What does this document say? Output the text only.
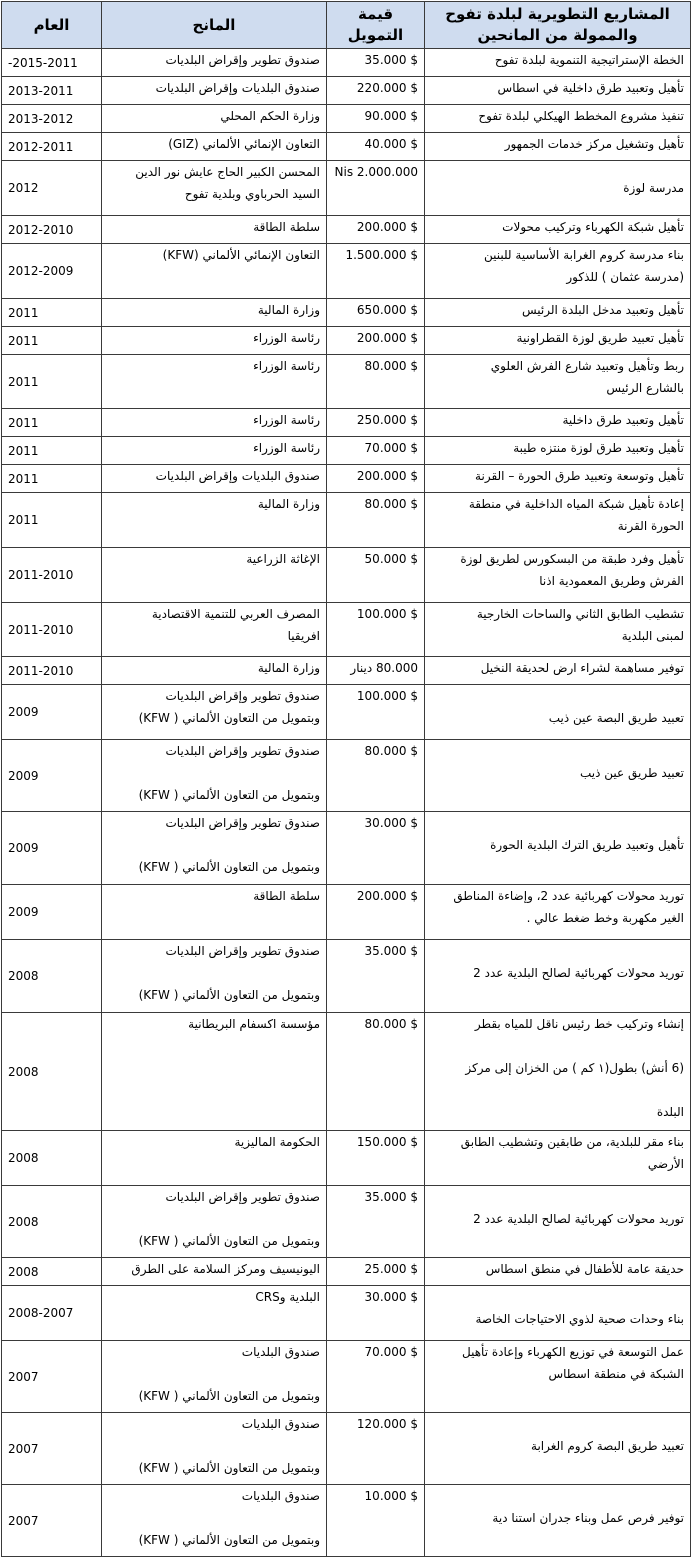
المشاريع التطويرية لبلدة تفوح والممولة من المانحين	قيمة التمويل	المانح	العام
الخطة الإستراتيجية التنموية لبلدة تفوح	$ 35.000	صندوق تطوير وإقراض البلديات	-2015-2011
تأهيل وتعبيد طرق داخلية في اسطاس	$ 220.000	صندوق البلديات وإقراض البلديات	2013-2011
تنفيذ مشروع المخطط الهيكلي لبلدة تفوح	$ 90.000	وزارة الحكم المحلي	2013-2012
تأهيل وتشغيل مركز خدمات الجمهور	$ 40.000	التعاون الإنمائي الألماني (GIZ)	2012-2011
مدرسة لوزة	Nis 2.000.000	المحسن الكبير الحاج عايش نور الدين
السيد الحرباوي وبلدية تفوح	2012
تأهيل شبكة الكهرباء وتركيب محولات	$ 200.000	سلطة الطاقة	2012-2010
بناء مدرسة كروم الغرابة الأساسية للبنين
(مدرسة عثمان ) للذكور	$ 1.500.000	التعاون الإنمائي الألماني (KFW)	2012-2009
تأهيل وتعبيد مدخل البلدة الرئيس	$ 650.000	وزارة المالية	2011
تأهيل تعبيد طريق لوزة القطراونية	$ 200.000	رئاسة الوزراء	2011
ربط وتأهيل وتعبيد شارع الفرش العلوي
بالشارع الرئيس	$ 80.000	رئاسة الوزراء	2011
تأهيل وتعبيد طرق داخلية	$ 250.000	رئاسة الوزراء	2011
تأهيل وتعبيد طرق لوزة منتزه طيبة	$ 70.000	رئاسة الوزراء	2011
تأهيل وتوسعة وتعبيد طرق الحورة – القرنة	$ 200.000	صندوق البلديات وإقراض البلديات	2011
إعادة تأهيل شبكة المياه الداخلية في منطقة
الحورة القرنة	$ 80.000	وزارة المالية	2011
تأهيل وفرد طبقة من البسكورس لطريق لوزة
الفرش وطريق المعمودية اذنا	$ 50.000	الإغاثة الزراعية	2011-2010
تشطيب الطابق الثاني والساحات الخارجية
لمبنى البلدية	$ 100.000	المصرف العربي للتنمية الاقتصادية
افريقيا	2011-2010
توفير مساهمة لشراء ارض لحديقة النخيل	80.000 دينار	وزارة المالية	2011-2010

تعبيد طريق البصة عين ذيب	$ 100.000	صندوق تطوير وإقراض البلديات
وبتمويل من التعاون الألماني ( KFW)	2009

تعبيد طريق عين ذيب	$ 80.000	صندوق تطوير وإقراض البلديات

وبتمويل من التعاون الألماني ( KFW)	2009

تأهيل وتعبيد طريق الترك البلدية الحورة	$ 30.000	صندوق تطوير وإقراض البلديات

وبتمويل من التعاون الألماني ( KFW)	2009
توريد محولات كهربائية عدد 2، وإضاءة المناطق
الغير مكهربة وخط ضغط عالي .	$ 200.000	سلطة الطاقة	2009

توريد محولات كهربائية لصالح البلدية عدد 2	$ 35.000	صندوق تطوير وإقراض البلديات

وبتمويل من التعاون الألماني ( KFW)	2008
إنشاء وتركيب خط رئيس ناقل للمياه بقطر

(6 أنش) بطول(١ كم ) من الخزان إلى مركز

البلدة	$ 80.000	مؤسسة اكسفام البريطانية	2008
بناء مقر للبلدية، من طابقين وتشطيب الطابق
الأرضي	$ 150.000	الحكومة الماليزية	2008

توريد محولات كهربائية لصالح البلدية عدد 2	$ 35.000	صندوق تطوير وإقراض البلديات

وبتمويل من التعاون الألماني ( KFW)	2008
حديقة عامة للأطفال في منطق اسطاس	$ 25.000	اليونيسيف ومركز السلامة على الطرق	2008

بناء وحدات صحية لذوي الاحتياجات الخاصة	$ 30.000	البلدية وCRS	2008-2007
عمل التوسعة في توزيع الكهرباء وإعادة تأهيل
الشبكة في منطقة اسطاس	$ 70.000	صندوق البلديات

وبتمويل من التعاون الألماني ( KFW)	2007

تعبيد طريق البصة كروم الغرابة	$ 120.000	صندوق البلديات

وبتمويل من التعاون الألماني ( KFW)	2007

توفير فرص عمل وبناء جدران استنا دية	$ 10.000	صندوق البلديات

وبتمويل من التعاون الألماني ( KFW)	2007
